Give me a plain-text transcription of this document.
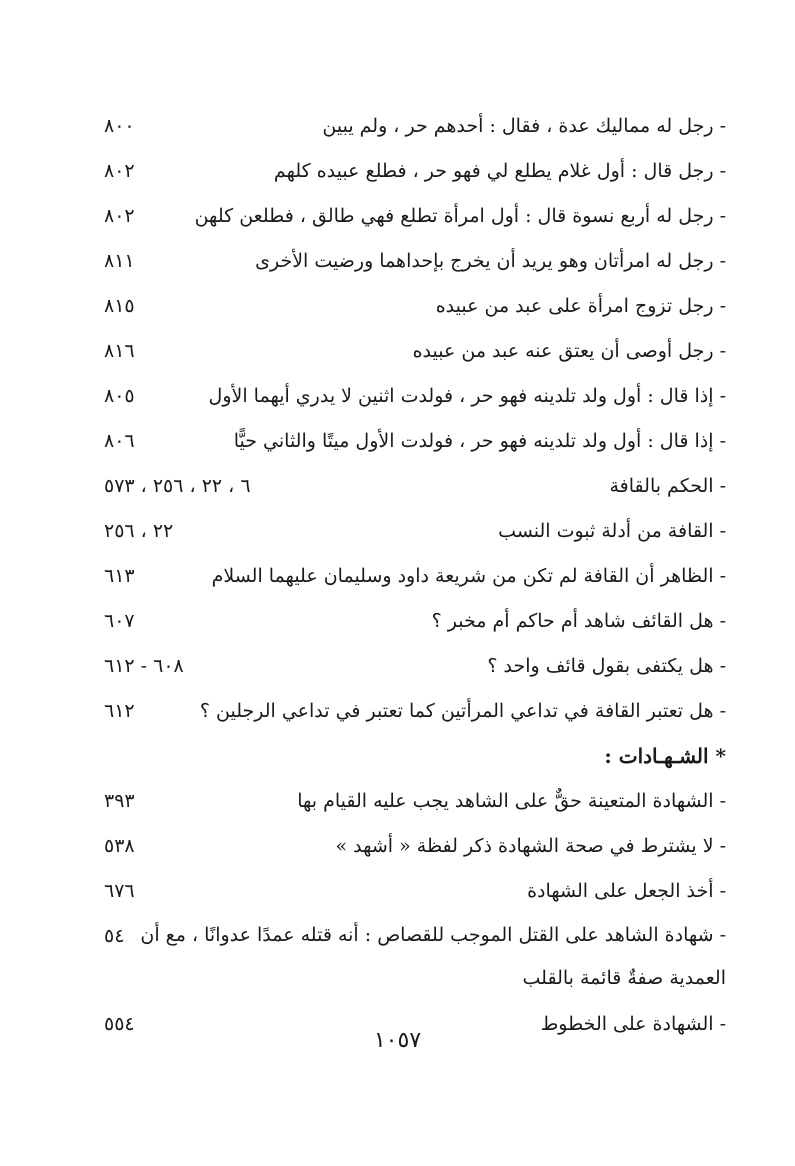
- رجل له مماليك عدة ، فقال : أحدهم حر ، ولم يبين
٨٠٠
- رجل قال : أول غلام يطلع لي فهو حر ، فطلع عبيده كلهم
٨٠٢
- رجل له أربع نسوة قال : أول امرأة تطلع فهي طالق ، فطلعن كلهن
٨٠٢
- رجل له امرأتان وهو يريد أن يخرج بإحداهما ورضيت الأخرى
٨١١
- رجل تزوج امرأة على عبد من عبيده
٨١٥
- رجل أوصى أن يعتق عنه عبد من عبيده
٨١٦
- إذا قال : أول ولد تلدينه فهو حر ، فولدت اثنين لا يدري أيهما الأول
٨٠٥
- إذا قال : أول ولد تلدينه فهو حر ، فولدت الأول ميتًا والثاني حيًّا
٨٠٦
- الحكم بالقافة
٦ ، ٢٢ ، ٢٥٦ ، ٥٧٣
- القافة من أدلة ثبوت النسب
٢٢ ، ٢٥٦
- الظاهر أن القافة لم تكن من شريعة داود وسليمان عليهما السلام
٦١٣
- هل القائف شاهد أم حاكم أم مخبر ؟
٦٠٧
- هل يكتفى بقول قائف واحد ؟
٦٠٨ - ٦١٢
- هل تعتبر القافة في تداعي المرأتين كما تعتبر في تداعي الرجلين ؟
٦١٢
* الشـهـادات :
- الشهادة المتعينة حقٌّ على الشاهد يجب عليه القيام بها
٣٩٣
- لا يشترط في صحة الشهادة ذكر لفظة « أشهد »
٥٣٨
- أخذ الجعل على الشهادة
٦٧٦
- شهادة الشاهد على القتل الموجب للقصاص : أنه قتله عمدًا عدوانًا ، مع أن العمدية صفةٌ قائمة بالقلب
٥٤
- الشهادة على الخطوط
٥٥٤
١٠٥٧
